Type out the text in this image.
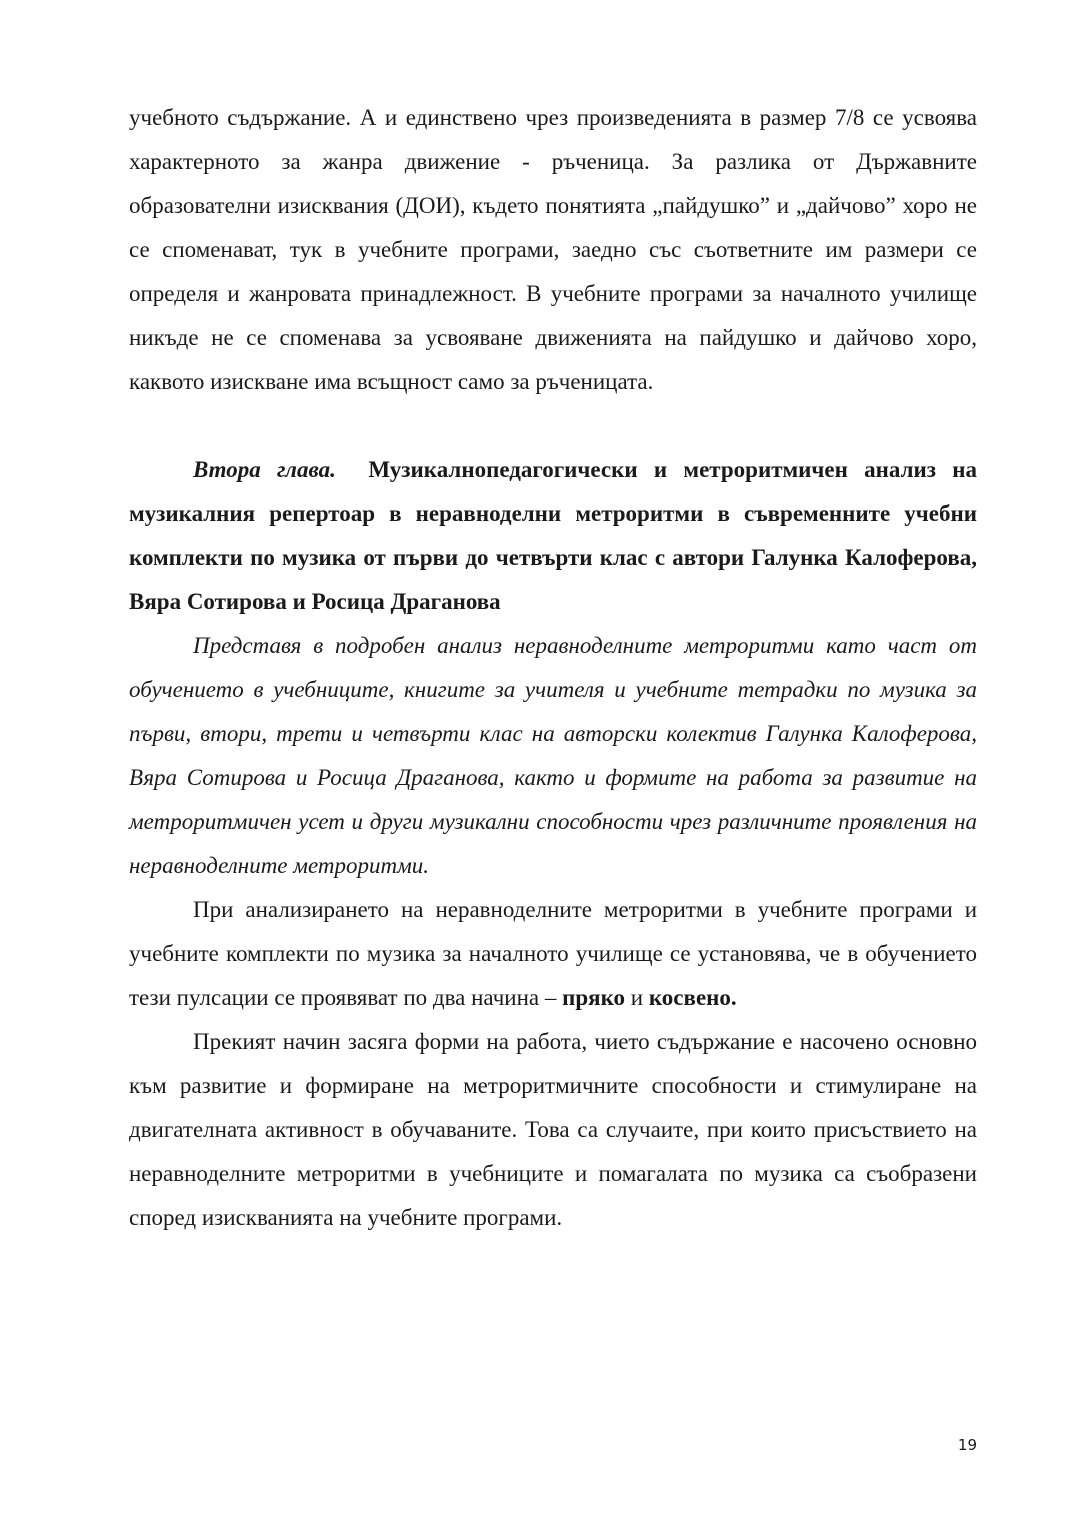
учебното съдържание. А и единствено чрез произведенията в размер 7/8 се усвоява характерното за жанра движение - ръченица. За разлика от Държавните образователни изисквания (ДОИ), където понятията „пайдушко” и „дайчово” хоро не се споменават, тук в учебните програми, заедно със съответните им размери се определя и жанровата принадлежност. В учебните програми за началното училище никъде не се споменава за усвояване движенията на пайдушко и дайчово хоро, каквото изискване има всъщност само за ръченицата.

Втора глава. Музикалнопедагогически и метроритмичен анализ на музикалния репертоар в неравноделни метроритми в съвременните учебни комплекти по музика от първи до четвърти клас с автори Галунка Калоферова, Вяра Сотирова и Росица Драганова

Представя в подробен анализ неравноделните метроритми като част от обучението в учебниците, книгите за учителя и учебните тетрадки по музика за първи, втори, трети и четвърти клас на авторски колектив Галунка Калоферова, Вяра Сотирова и Росица Драганова, както и формите на работа за развитие на метроритмичен усет и други музикални способности чрез различните проявления на неравноделните метроритми.

При анализирането на неравноделните метроритми в учебните програми и учебните комплекти по музика за началното училище се установява, че в обучението тези пулсации се проявяват по два начина – пряко и косвено.

Прекият начин засяга форми на работа, чието съдържание е насочено основно към развитие и формиране на метроритмичните способности и стимулиране на двигателната активност в обучаваните. Това са случаите, при които присъствието на неравноделните метроритми в учебниците и помагалата по музика са съобразени според изискванията на учебните програми.

19
